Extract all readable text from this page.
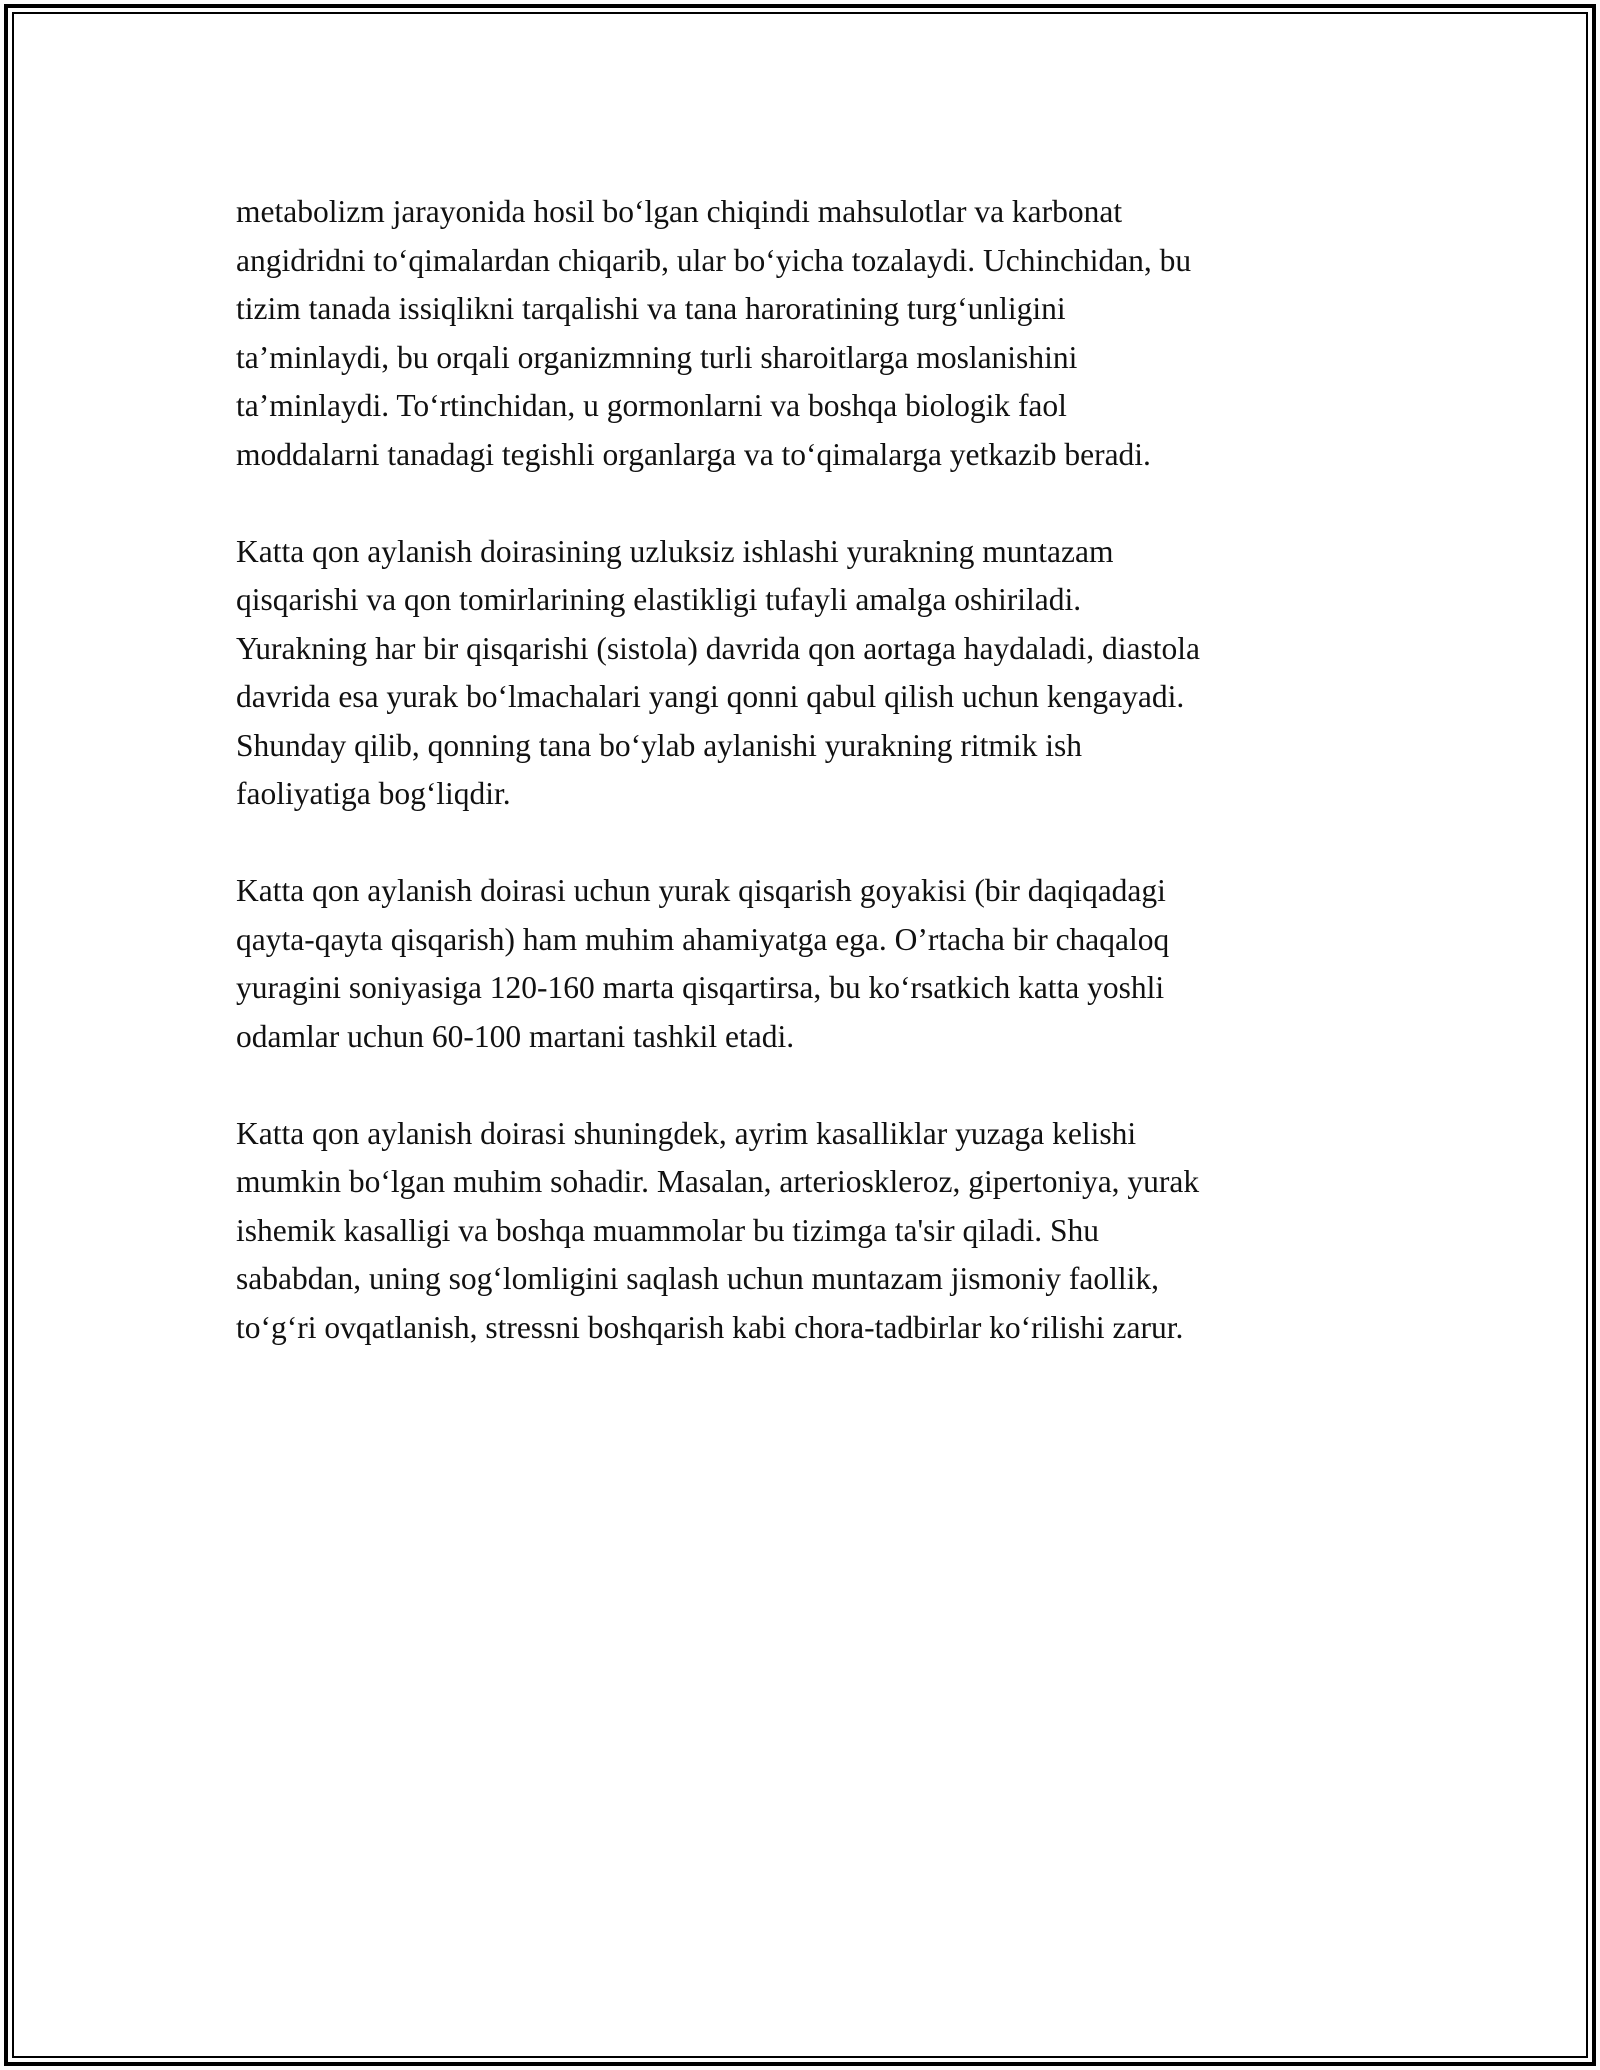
metabolizm jarayonida hosil bo‘lgan chiqindi mahsulotlar va karbonat
angidridni to‘qimalardan chiqarib, ular bo‘yicha tozalaydi. Uchinchidan, bu
tizim tanada issiqlikni tarqalishi va tana haroratining turg‘unligini
ta’minlaydi, bu orqali organizmning turli sharoitlarga moslanishini
ta’minlaydi. To‘rtinchidan, u gormonlarni va boshqa biologik faol
moddalarni tanadagi tegishli organlarga va to‘qimalarga yetkazib beradi.

Katta qon aylanish doirasining uzluksiz ishlashi yurakning muntazam
qisqarishi va qon tomirlarining elastikligi tufayli amalga oshiriladi.
Yurakning har bir qisqarishi (sistola) davrida qon aortaga haydaladi, diastola
davrida esa yurak bo‘lmachalari yangi qonni qabul qilish uchun kengayadi.
Shunday qilib, qonning tana bo‘ylab aylanishi yurakning ritmik ish
faoliyatiga bog‘liqdir.

Katta qon aylanish doirasi uchun yurak qisqarish goyakisi (bir daqiqadagi
qayta-qayta qisqarish) ham muhim ahamiyatga ega. O’rtacha bir chaqaloq
yuragini soniyasiga 120-160 marta qisqartirsa, bu ko‘rsatkich katta yoshli
odamlar uchun 60-100 martani tashkil etadi.

Katta qon aylanish doirasi shuningdek, ayrim kasalliklar yuzaga kelishi
mumkin bo‘lgan muhim sohadir. Masalan, arterioskleroz, gipertoniya, yurak
ishemik kasalligi va boshqa muammolar bu tizimga ta'sir qiladi. Shu
sababdan, uning sog‘lomligini saqlash uchun muntazam jismoniy faollik,
to‘g‘ri ovqatlanish, stressni boshqarish kabi chora-tadbirlar ko‘rilishi zarur.
